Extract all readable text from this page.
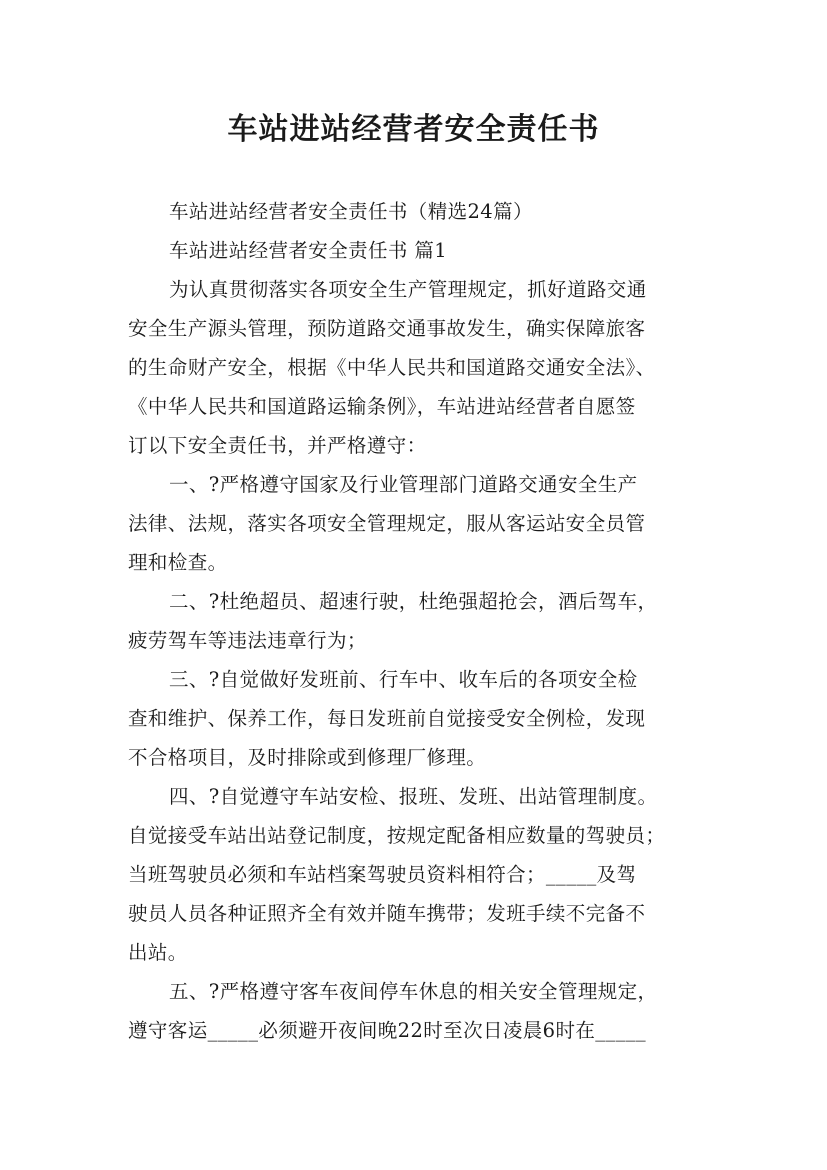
车站进站经营者安全责任书
车站进站经营者安全责任书（精选24篇）
车站进站经营者安全责任书 篇1
为认真贯彻落实各项安全生产管理规定，抓好道路交通
安全生产源头管理，预防道路交通事故发生，确实保障旅客
的生命财产安全，根据《中华人民共和国道路交通安全法》、
《中华人民共和国道路运输条例》，车站进站经营者自愿签
订以下安全责任书，并严格遵守：
一、?严格遵守国家及行业管理部门道路交通安全生产
法律、法规，落实各项安全管理规定，服从客运站安全员管
理和检查。
二、?杜绝超员、超速行驶，杜绝强超抢会，酒后驾车，
疲劳驾车等违法违章行为；
三、?自觉做好发班前、行车中、收车后的各项安全检
查和维护、保养工作，每日发班前自觉接受安全例检，发现
不合格项目，及时排除或到修理厂修理。
四、?自觉遵守车站安检、报班、发班、出站管理制度。
自觉接受车站出站登记制度，按规定配备相应数量的驾驶员；
当班驾驶员必须和车站档案驾驶员资料相符合；_____及驾
驶员人员各种证照齐全有效并随车携带；发班手续不完备不
出站。
五、?严格遵守客车夜间停车休息的相关安全管理规定，
遵守客运_____必须避开夜间晚22时至次日凌晨6时在_____
